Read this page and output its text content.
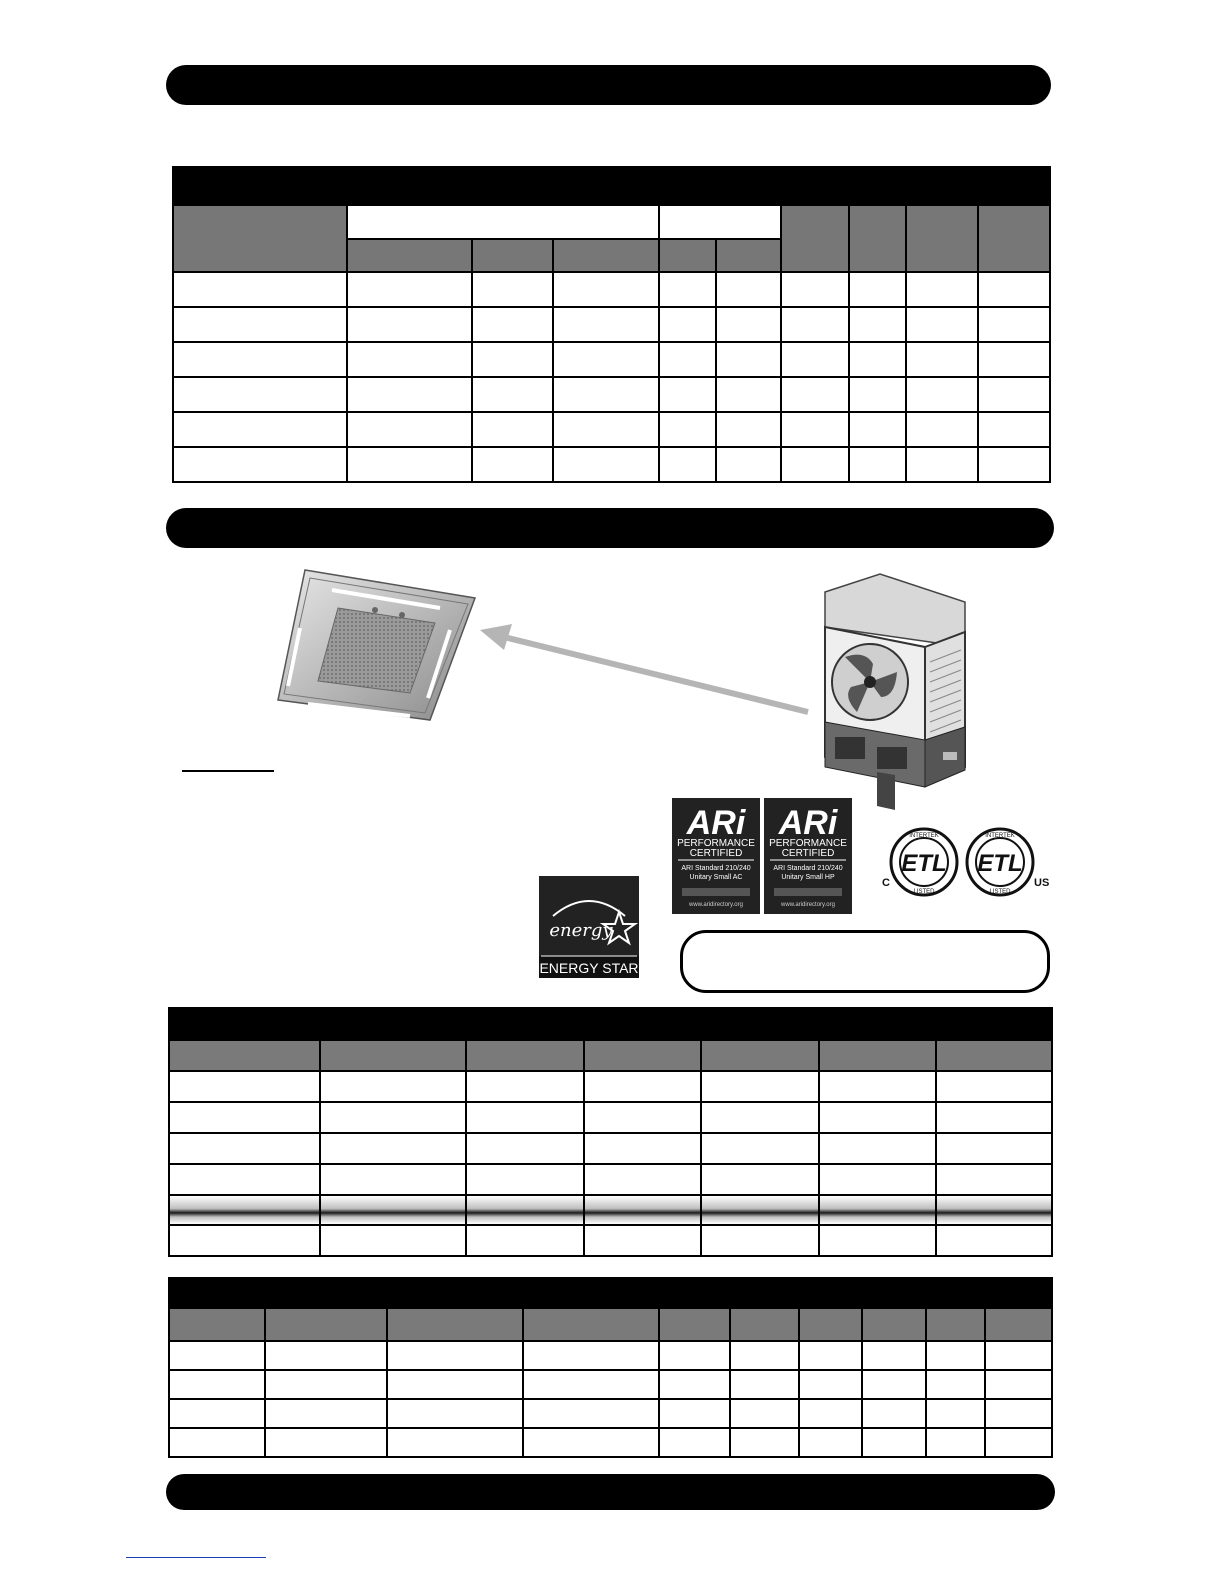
ARi
PERFORMANCE
CERTIFIED
ARI Standard 210/240
Unitary Small AC
www.aridirectory.org
ARi
PERFORMANCE
CERTIFIED
ARI Standard 210/240
Unitary Small HP
www.aridirectory.org
INTERTEK
ETL
LISTED
C
INTERTEK
ETL
LISTED
US
energy
ENERGY STAR
